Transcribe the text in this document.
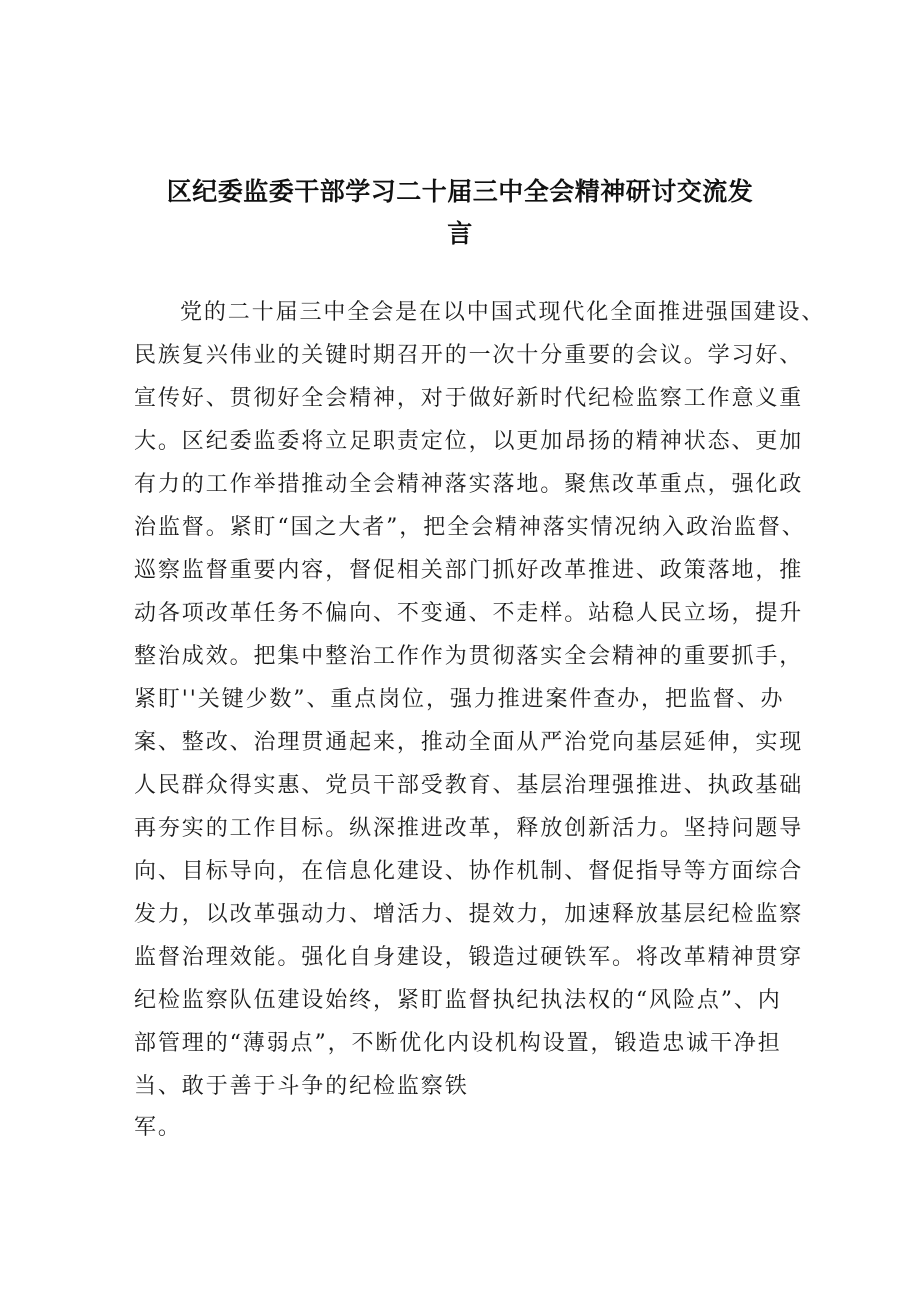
区纪委监委干部学习二十届三中全会精神研讨交流发
言

党的二十届三中全会是在以中国式现代化全面推进强国建设、

民族复兴伟业的关键时期召开的一次十分重要的会议。学习好、

宣传好、贯彻好全会精神，对于做好新时代纪检监察工作意义重

大。区纪委监委将立足职责定位，以更加昂扬的精神状态、更加

有力的工作举措推动全会精神落实落地。聚焦改革重点，强化政

治监督。紧盯“国之大者”，把全会精神落实情况纳入政治监督、

巡察监督重要内容，督促相关部门抓好改革推进、政策落地，推

动各项改革任务不偏向、不变通、不走样。站稳人民立场，提升

整治成效。把集中整治工作作为贯彻落实全会精神的重要抓手，

紧盯''关键少数”、重点岗位，强力推进案件查办，把监督、办

案、整改、治理贯通起来，推动全面从严治党向基层延伸，实现

人民群众得实惠、党员干部受教育、基层治理强推进、执政基础

再夯实的工作目标。纵深推进改革，释放创新活力。坚持问题导

向、目标导向，在信息化建设、协作机制、督促指导等方面综合

发力，以改革强动力、增活力、提效力，加速释放基层纪检监察

监督治理效能。强化自身建设，锻造过硬铁军。将改革精神贯穿

纪检监察队伍建设始终，紧盯监督执纪执法权的“风险点”、内

部管理的“薄弱点”，不断优化内设机构设置，锻造忠诚干净担

当、敢于善于斗争的纪检监察铁

军。
